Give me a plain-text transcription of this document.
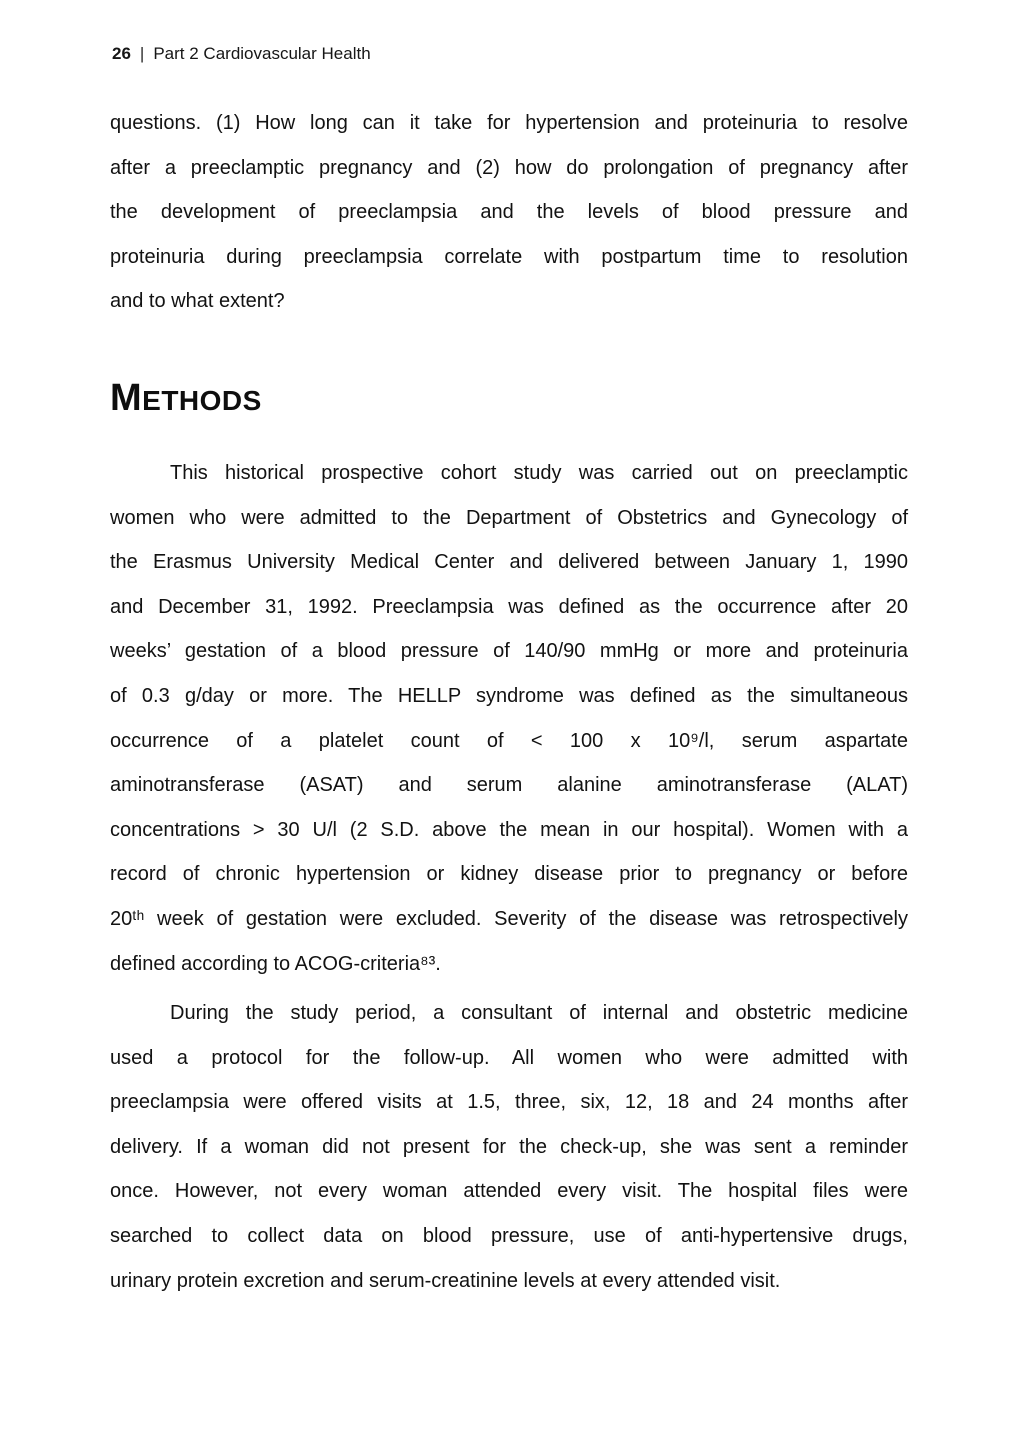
26 | Part 2 Cardiovascular Health
questions. (1) How long can it take for hypertension and proteinuria to resolve
after a preeclamptic pregnancy and (2) how do prolongation of pregnancy after
the development of preeclampsia and the levels of blood pressure and
proteinuria during preeclampsia correlate with postpartum time to resolution
and to what extent?
METHODS
This historical prospective cohort study was carried out on preeclamptic
women who were admitted to the Department of Obstetrics and Gynecology of
the Erasmus University Medical Center and delivered between January 1, 1990
and December 31, 1992. Preeclampsia was defined as the occurrence after 20
weeks’ gestation of a blood pressure of 140/90 mmHg or more and proteinuria
of 0.3 g/day or more. The HELLP syndrome was defined as the simultaneous
occurrence of a platelet count of < 100 x 10⁹/l, serum aspartate
aminotransferase (ASAT) and serum alanine aminotransferase (ALAT)
concentrations > 30 U/l (2 S.D. above the mean in our hospital). Women with a
record of chronic hypertension or kidney disease prior to pregnancy or before
20ᵗʰ week of gestation were excluded. Severity of the disease was retrospectively
defined according to ACOG-criteria⁸³.
During the study period, a consultant of internal and obstetric medicine
used a protocol for the follow-up. All women who were admitted with
preeclampsia were offered visits at 1.5, three, six, 12, 18 and 24 months after
delivery. If a woman did not present for the check-up, she was sent a reminder
once. However, not every woman attended every visit. The hospital files were
searched to collect data on blood pressure, use of anti-hypertensive drugs,
urinary protein excretion and serum-creatinine levels at every attended visit.
